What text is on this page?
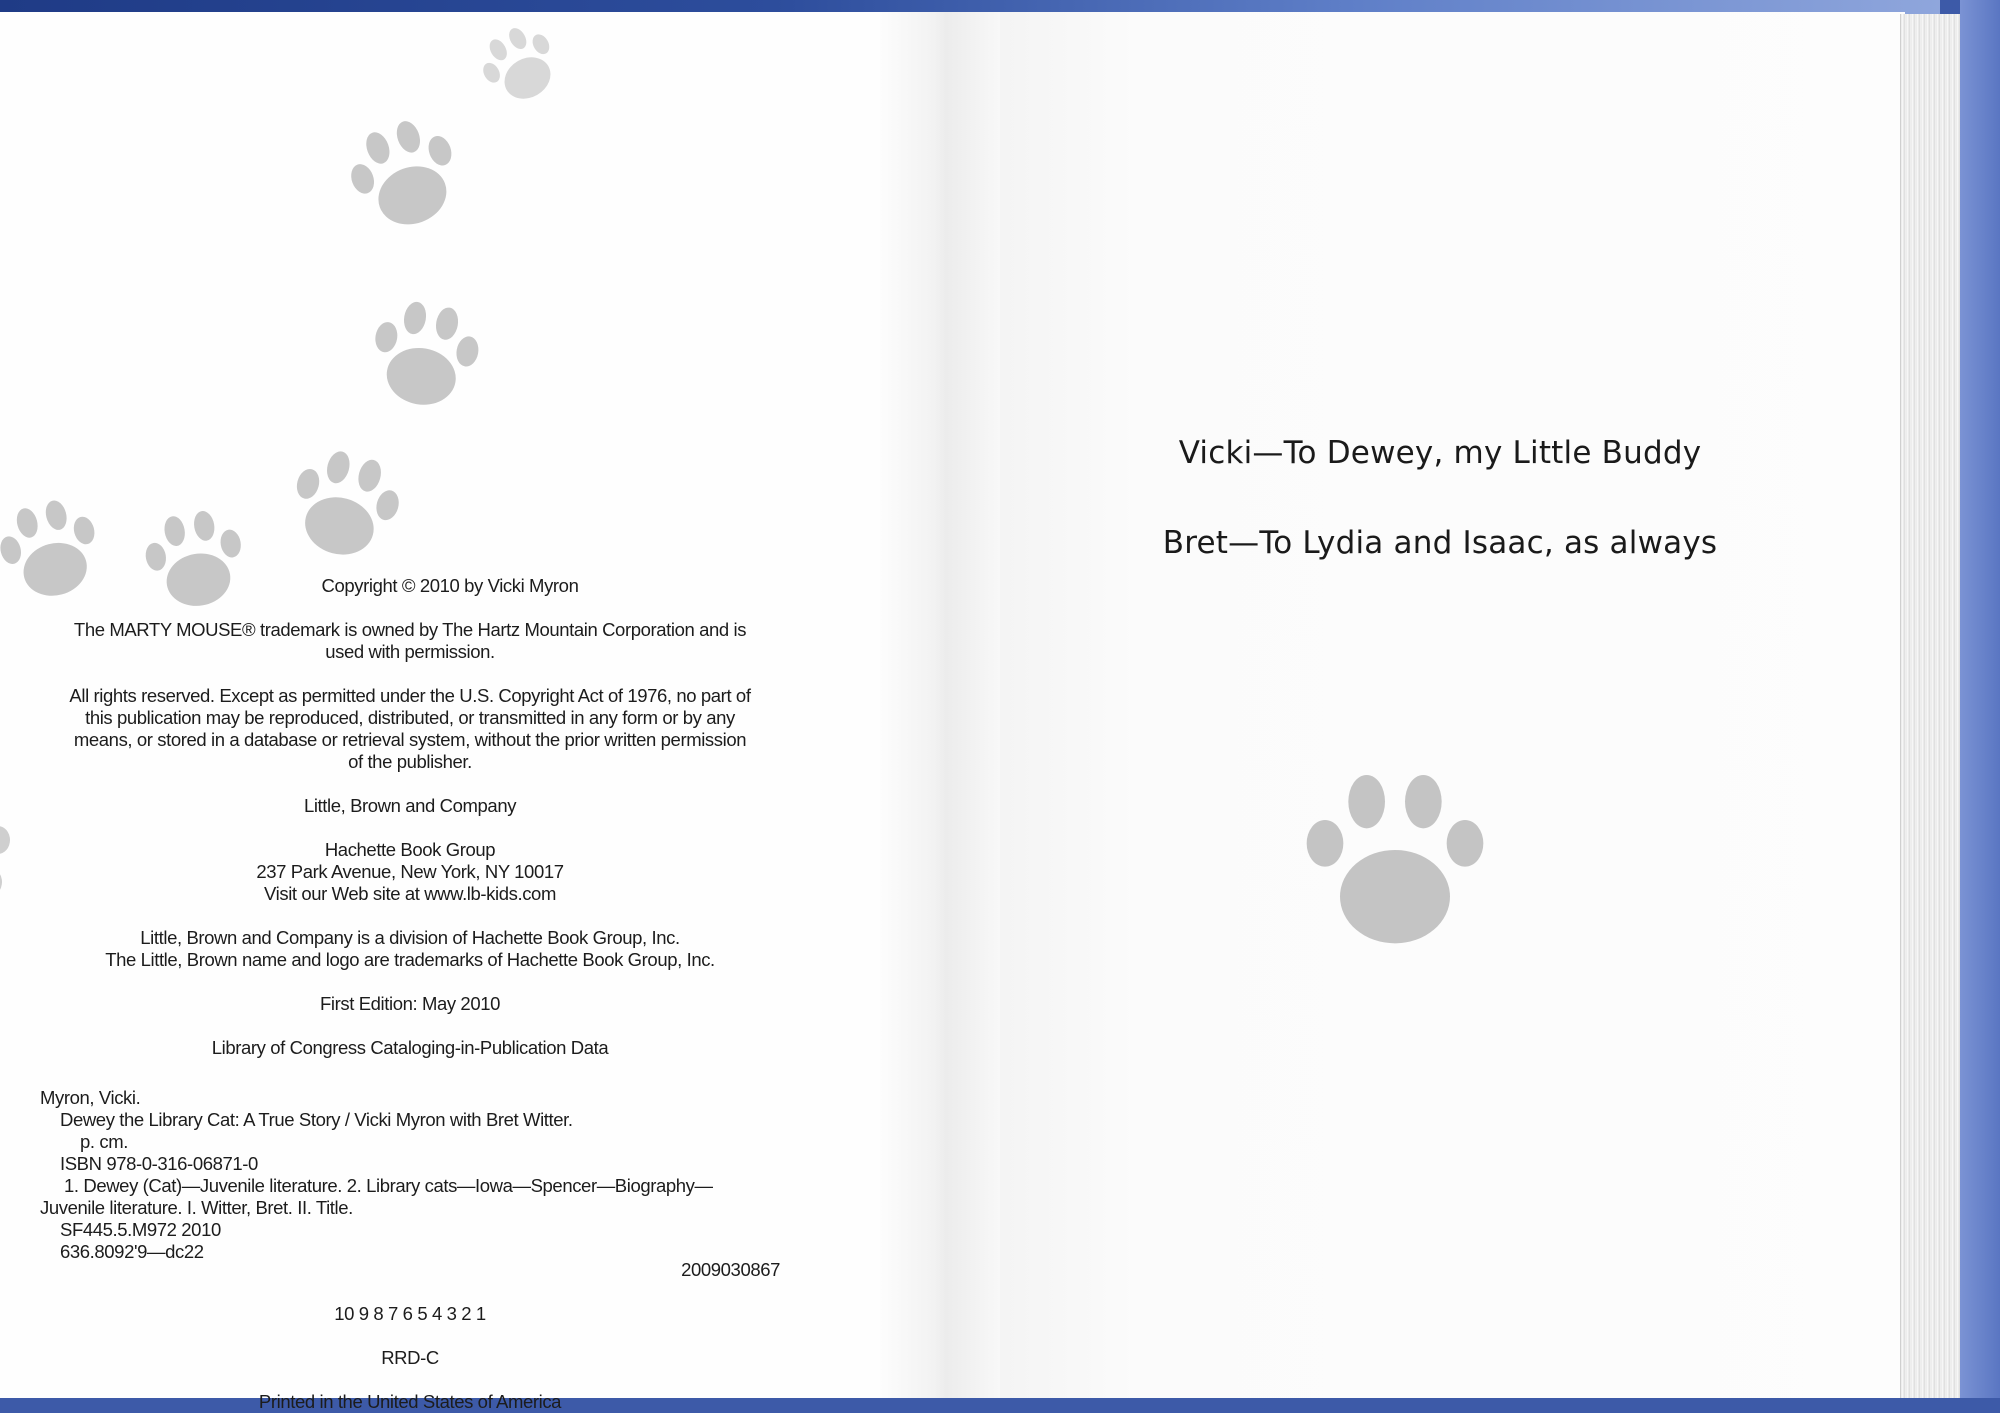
Copyright © 2010 by Vicki Myron
The MARTY MOUSE® trademark is owned by The Hartz Mountain Corporation and is
used with permission.
All rights reserved. Except as permitted under the U.S. Copyright Act of 1976, no part of
this publication may be reproduced, distributed, or transmitted in any form or by any
means, or stored in a database or retrieval system, without the prior written permission
of the publisher.
Little, Brown and Company
Hachette Book Group
237 Park Avenue, New York, NY 10017
Visit our Web site at www.lb-kids.com
Little, Brown and Company is a division of Hachette Book Group, Inc.
The Little, Brown name and logo are trademarks of Hachette Book Group, Inc.
First Edition: May 2010
Library of Congress Cataloging-in-Publication Data
Myron, Vicki.
Dewey the Library Cat: A True Story / Vicki Myron with Bret Witter.
p. cm.
ISBN 978-0-316-06871-0
1. Dewey (Cat)—Juvenile literature. 2. Library cats—Iowa—Spencer—Biography—
Juvenile literature. I. Witter, Bret. II. Title.
SF445.5.M972 2010
636.8092'9—dc22
2009030867
10 9 8 7 6 5 4 3 2 1
RRD-C
Printed in the United States of America
Vicki—To Dewey, my Little Buddy
Bret—To Lydia and Isaac, as always
